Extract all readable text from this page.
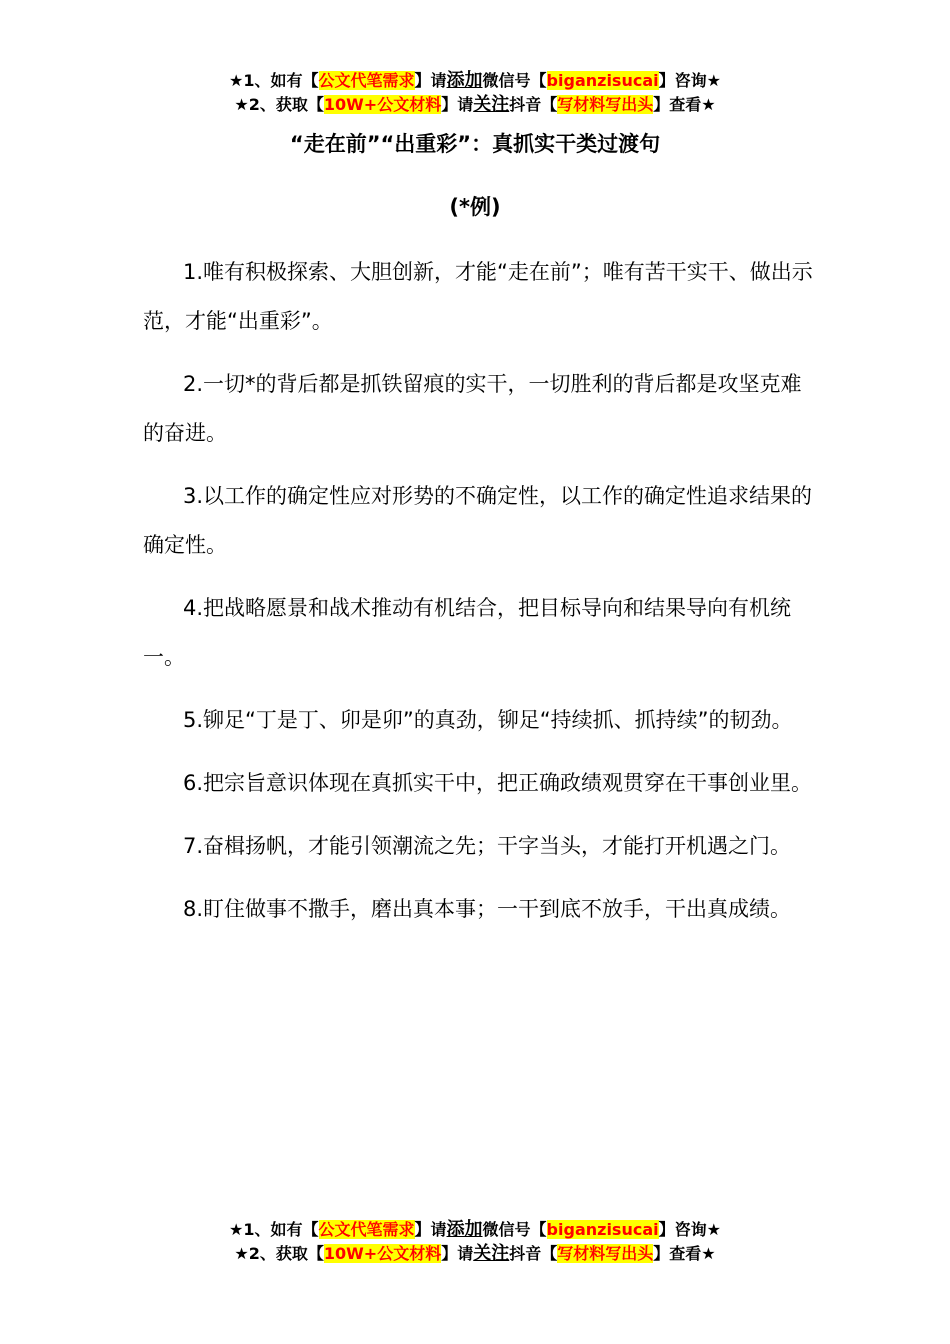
★1、如有【公文代笔需求】请添加微信号【biganzisucai】咨询★
★2、获取【10W+公文材料】请关注抖音【写材料写出头】查看★
“走在前”“出重彩”：真抓实干类过渡句
(*例)

1.唯有积极探索、大胆创新，才能“走在前”；唯有苦干实干、做出示范，才能“出重彩”。

2.一切*的背后都是抓铁留痕的实干，一切胜利的背后都是攻坚克难的奋进。

3.以工作的确定性应对形势的不确定性，以工作的确定性追求结果的确定性。

4.把战略愿景和战术推动有机结合，把目标导向和结果导向有机统一。

5.铆足“丁是丁、卯是卯”的真劲，铆足“持续抓、抓持续”的韧劲。

6.把宗旨意识体现在真抓实干中，把正确政绩观贯穿在干事创业里。

7.奋楫扬帆，才能引领潮流之先；干字当头，才能打开机遇之门。

8.盯住做事不撒手，磨出真本事；一干到底不放手，干出真成绩。

★1、如有【公文代笔需求】请添加微信号【biganzisucai】咨询★
★2、获取【10W+公文材料】请关注抖音【写材料写出头】查看★
